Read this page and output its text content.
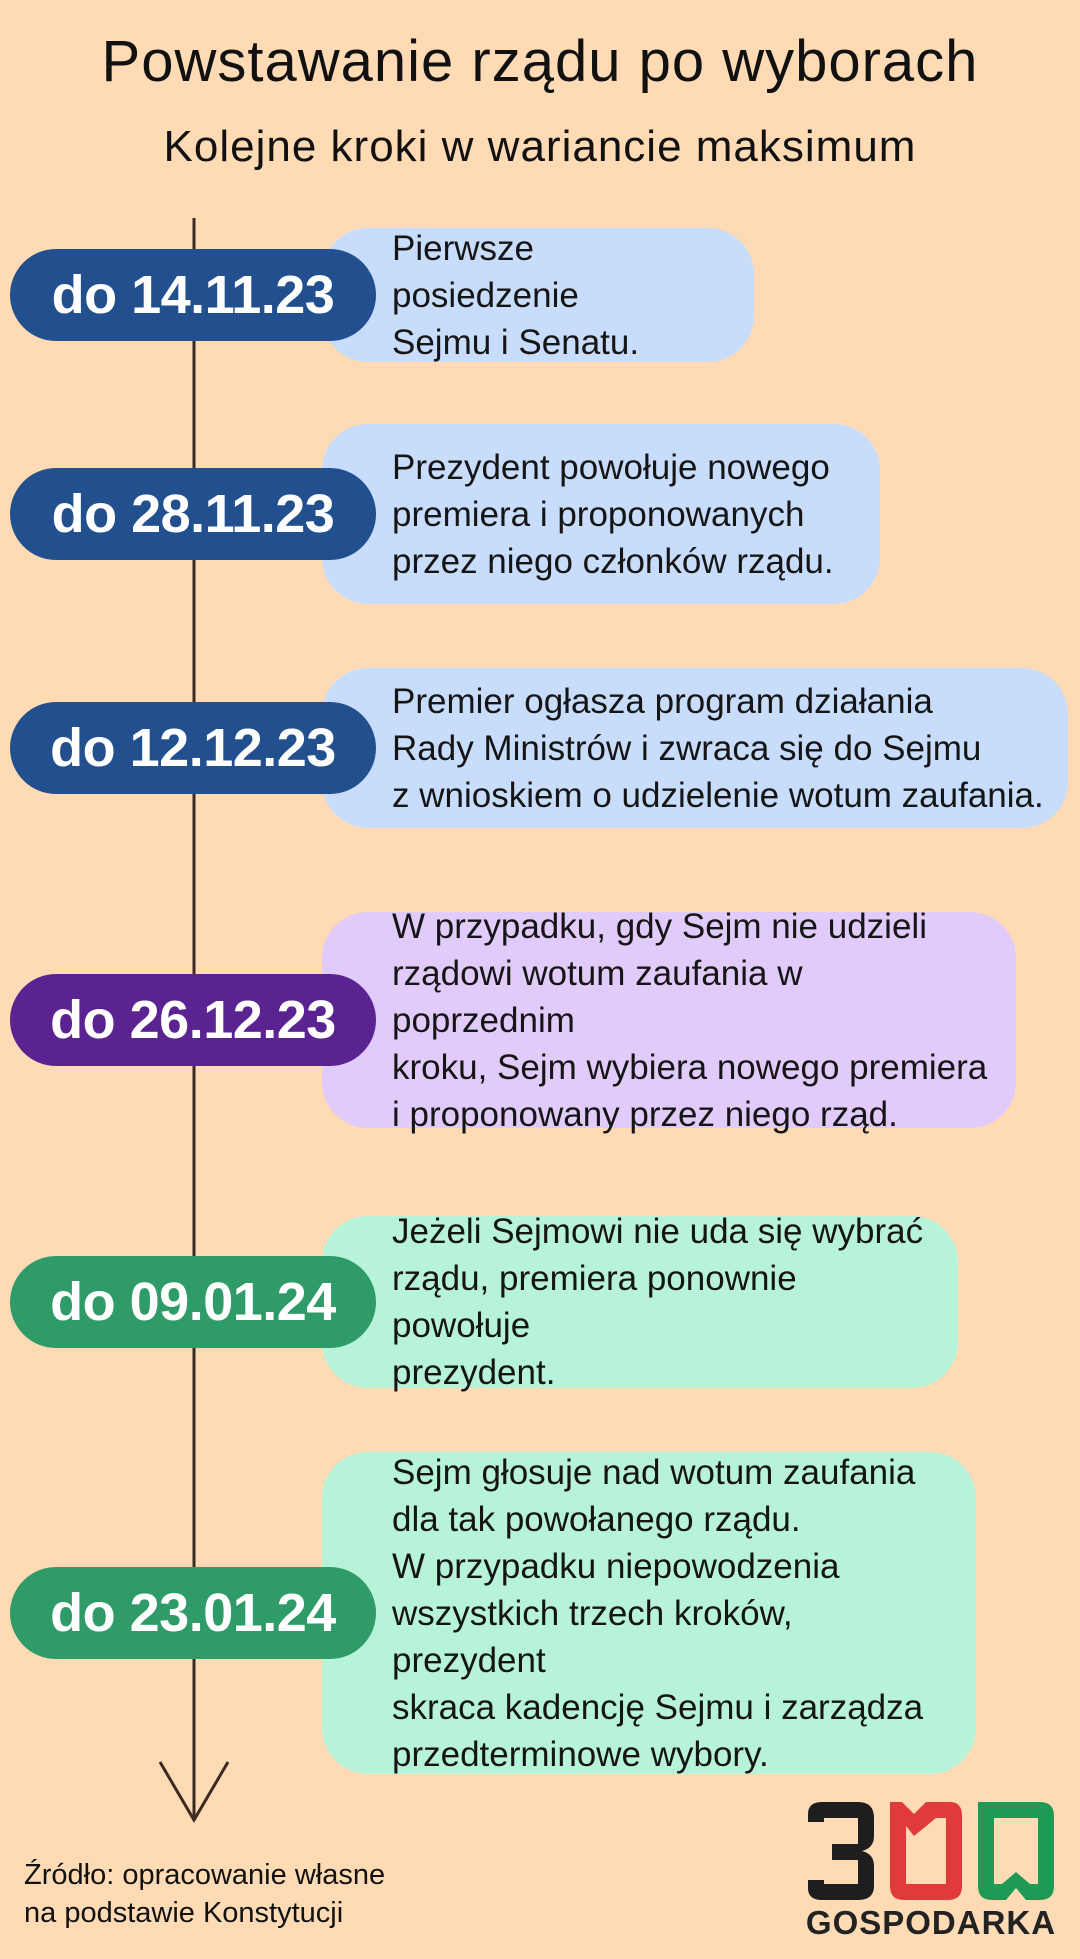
Powstawanie rządu po wyborach
Kolejne kroki w wariancie maksimum
Pierwsze posiedzenie
Sejmu i Senatu.
do 14.11.23
Prezydent powołuje nowego
premiera i proponowanych
przez niego członków rządu.
do 28.11.23
Premier ogłasza program działania
Rady Ministrów i zwraca się do Sejmu
z wnioskiem o udzielenie wotum zaufania.
do 12.12.23
W przypadku, gdy Sejm nie udzieli
rządowi wotum zaufania w poprzednim
kroku, Sejm wybiera nowego premiera
i proponowany przez niego rząd.
do 26.12.23
Jeżeli Sejmowi nie uda się wybrać
rządu, premiera ponownie powołuje
prezydent.
do 09.01.24
Sejm głosuje nad wotum zaufania
dla tak powołanego rządu.
W przypadku niepowodzenia
wszystkich trzech kroków, prezydent
skraca kadencję Sejmu i zarządza
przedterminowe wybory.
do 23.01.24
Źródło: opracowanie własne
na podstawie Konstytucji	GOSPODARKA
